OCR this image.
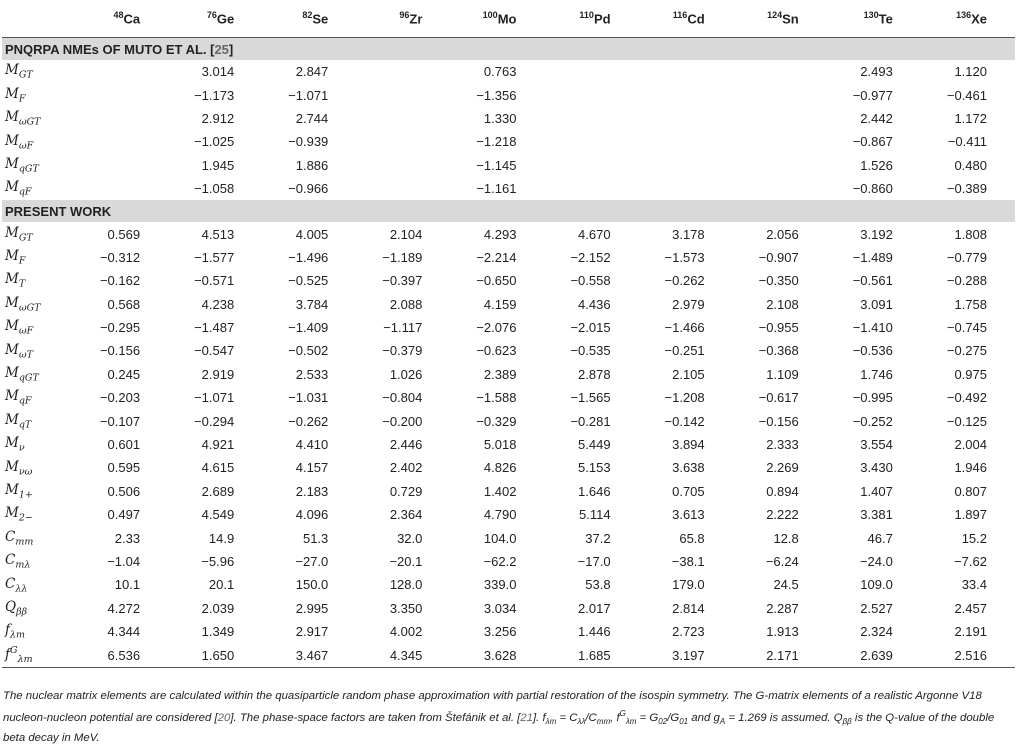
	$^{48}$Ca	$^{76}$Ge	$^{82}$Se	$^{96}$Zr	$^{100}$Mo	$^{110}$Pd	$^{116}$Cd	$^{124}$Sn	$^{130}$Te	$^{136}$Xe
PNQRPA NMEs OF MUTO ET AL. [25]										
$M_{GT}$		3.014	2.847		0.763				2.493	1.120
$M_F$		−1.173	−1.071		−1.356				−0.977	−0.461
$M_{\omega GT}$		2.912	2.744		1.330				2.442	1.172
$M_{\omega F}$		−1.025	−0.939		−1.218				−0.867	−0.411
$M_{qGT}$		1.945	1.886		−1.145				1.526	0.480
$M_{qF}$		−1.058	−0.966		−1.161				−0.860	−0.389
PRESENT WORK										
$M_{GT}$	0.569	4.513	4.005	2.104	4.293	4.670	3.178	2.056	3.192	1.808
$M_F$	−0.312	−1.577	−1.496	−1.189	−2.214	−2.152	−1.573	−0.907	−1.489	−0.779
$M_T$	−0.162	−0.571	−0.525	−0.397	−0.650	−0.558	−0.262	−0.350	−0.561	−0.288
$M_{\omega GT}$	0.568	4.238	3.784	2.088	4.159	4.436	2.979	2.108	3.091	1.758
$M_{\omega F}$	−0.295	−1.487	−1.409	−1.117	−2.076	−2.015	−1.466	−0.955	−1.410	−0.745
$M_{\omega T}$	−0.156	−0.547	−0.502	−0.379	−0.623	−0.535	−0.251	−0.368	−0.536	−0.275
$M_{qGT}$	0.245	2.919	2.533	1.026	2.389	2.878	2.105	1.109	1.746	0.975
$M_{qF}$	−0.203	−1.071	−1.031	−0.804	−1.588	−1.565	−1.208	−0.617	−0.995	−0.492
$M_{qT}$	−0.107	−0.294	−0.262	−0.200	−0.329	−0.281	−0.142	−0.156	−0.252	−0.125
$M_\nu$	0.601	4.921	4.410	2.446	5.018	5.449	3.894	2.333	3.554	2.004
$M_{\nu\omega}$	0.595	4.615	4.157	2.402	4.826	5.153	3.638	2.269	3.430	1.946
$M_{1+}$	0.506	2.689	2.183	0.729	1.402	1.646	0.705	0.894	1.407	0.807
$M_{2-}$	0.497	4.549	4.096	2.364	4.790	5.114	3.613	2.222	3.381	1.897
$C_{mm}$	2.33	14.9	51.3	32.0	104.0	37.2	65.8	12.8	46.7	15.2
$C_{m\lambda}$	−1.04	−5.96	−27.0	−20.1	−62.2	−17.0	−38.1	−6.24	−24.0	−7.62
$C_{\lambda\lambda}$	10.1	20.1	150.0	128.0	339.0	53.8	179.0	24.5	109.0	33.4
$Q_{\beta\beta}$	4.272	2.039	2.995	3.350	3.034	2.017	2.814	2.287	2.527	2.457
$f_{\lambda m}$	4.344	1.349	2.917	4.002	3.256	1.446	2.723	1.913	2.324	2.191
$f^G_{\lambda m}$	6.536	1.650	3.467	4.345	3.628	1.685	3.197	2.171	2.639	2.516
The nuclear matrix elements are calculated within the quasiparticle random phase approximation with partial restoration of the isospin symmetry. The G-matrix elements of a realistic Argonne V18 nucleon-nucleon potential are considered [20]. The phase-space factors are taken from Štefánik et al. [21]. $f_{\lambda m} = C_{\lambda\lambda}/C_{mm}$, $f^G_{\lambda m} = G_{02}/G_{01}$ and $g_A = 1.269$ is assumed. $Q_{\beta\beta}$ is the Q-value of the double beta decay in MeV.
